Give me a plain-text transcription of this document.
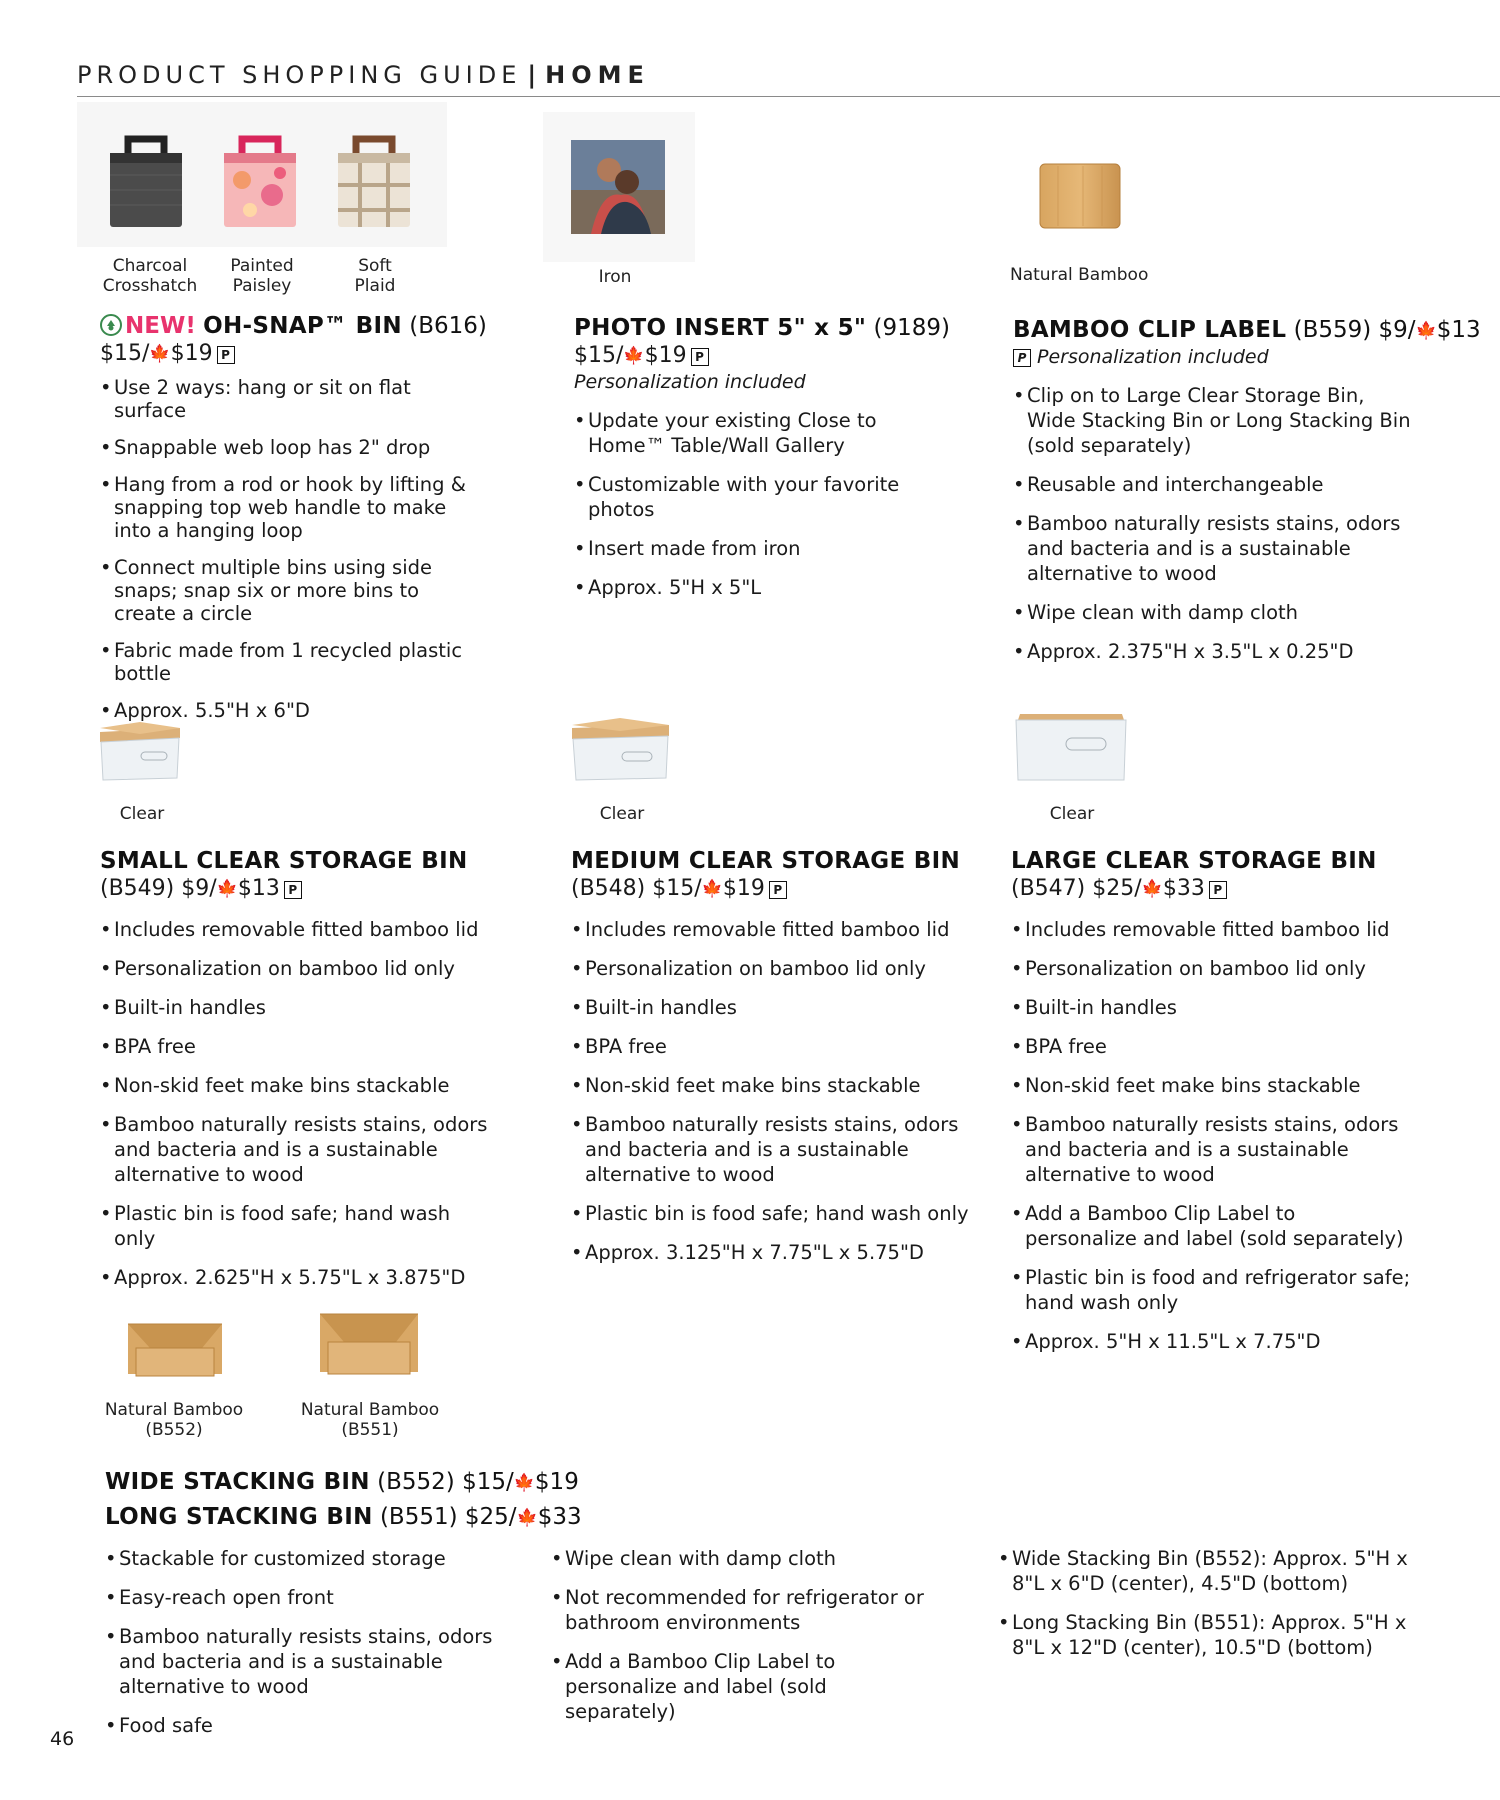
PRODUCT SHOPPING GUIDE | HOME
Charcoal
Crosshatch
Painted
Paisley
Soft
Plaid
NEW! OH-SNAP™ BIN (B616)
$15/🍁$19 P
• Use 2 ways: hang or sit on flat surface
• Snappable web loop has 2" drop
• Hang from a rod or hook by lifting & snapping top web handle to make into a hanging loop
• Connect multiple bins using side snaps; snap six or more bins to create a circle
• Fabric made from 1 recycled plastic bottle
• Approx. 5.5"H x 6"D
Iron
PHOTO INSERT 5" x 5" (9189)
$15/🍁$19 P
Personalization included
• Update your existing Close to Home™ Table/Wall Gallery
• Customizable with your favorite photos
• Insert made from iron
• Approx. 5"H x 5"L
Natural Bamboo
BAMBOO CLIP LABEL (B559) $9/🍁$13
P Personalization included
• Clip on to Large Clear Storage Bin, Wide Stacking Bin or Long Stacking Bin (sold separately)
• Reusable and interchangeable
• Bamboo naturally resists stains, odors and bacteria and is a sustainable alternative to wood
• Wipe clean with damp cloth
• Approx. 2.375"H x 3.5"L x 0.25"D
Clear	Clear	Clear
SMALL CLEAR STORAGE BIN
(B549) $9/🍁$13 P
• Includes removable fitted bamboo lid
• Personalization on bamboo lid only
• Built-in handles
• BPA free
• Non-skid feet make bins stackable
• Bamboo naturally resists stains, odors and bacteria and is a sustainable alternative to wood
• Plastic bin is food safe; hand wash only
• Approx. 2.625"H x 5.75"L x 3.875"D
MEDIUM CLEAR STORAGE BIN
(B548) $15/🍁$19 P
• Includes removable fitted bamboo lid
• Personalization on bamboo lid only
• Built-in handles
• BPA free
• Non-skid feet make bins stackable
• Bamboo naturally resists stains, odors and bacteria and is a sustainable alternative to wood
• Plastic bin is food safe; hand wash only
• Approx. 3.125"H x 7.75"L x 5.75"D
LARGE CLEAR STORAGE BIN
(B547) $25/🍁$33 P
• Includes removable fitted bamboo lid
• Personalization on bamboo lid only
• Built-in handles
• BPA free
• Non-skid feet make bins stackable
• Bamboo naturally resists stains, odors and bacteria and is a sustainable alternative to wood
• Add a Bamboo Clip Label to personalize and label (sold separately)
• Plastic bin is food and refrigerator safe; hand wash only
• Approx. 5"H x 11.5"L x 7.75"D
Natural Bamboo
(B552)
Natural Bamboo
(B551)
WIDE STACKING BIN (B552) $15/🍁$19
LONG STACKING BIN (B551) $25/🍁$33
• Stackable for customized storage
• Easy-reach open front
• Bamboo naturally resists stains, odors and bacteria and is a sustainable alternative to wood
• Food safe
• Wipe clean with damp cloth
• Not recommended for refrigerator or bathroom environments
• Add a Bamboo Clip Label to personalize and label (sold separately)
• Wide Stacking Bin (B552): Approx. 5"H x 8"L x 6"D (center), 4.5"D (bottom)
• Long Stacking Bin (B551): Approx. 5"H x 8"L x 12"D (center), 10.5"D (bottom)
46
